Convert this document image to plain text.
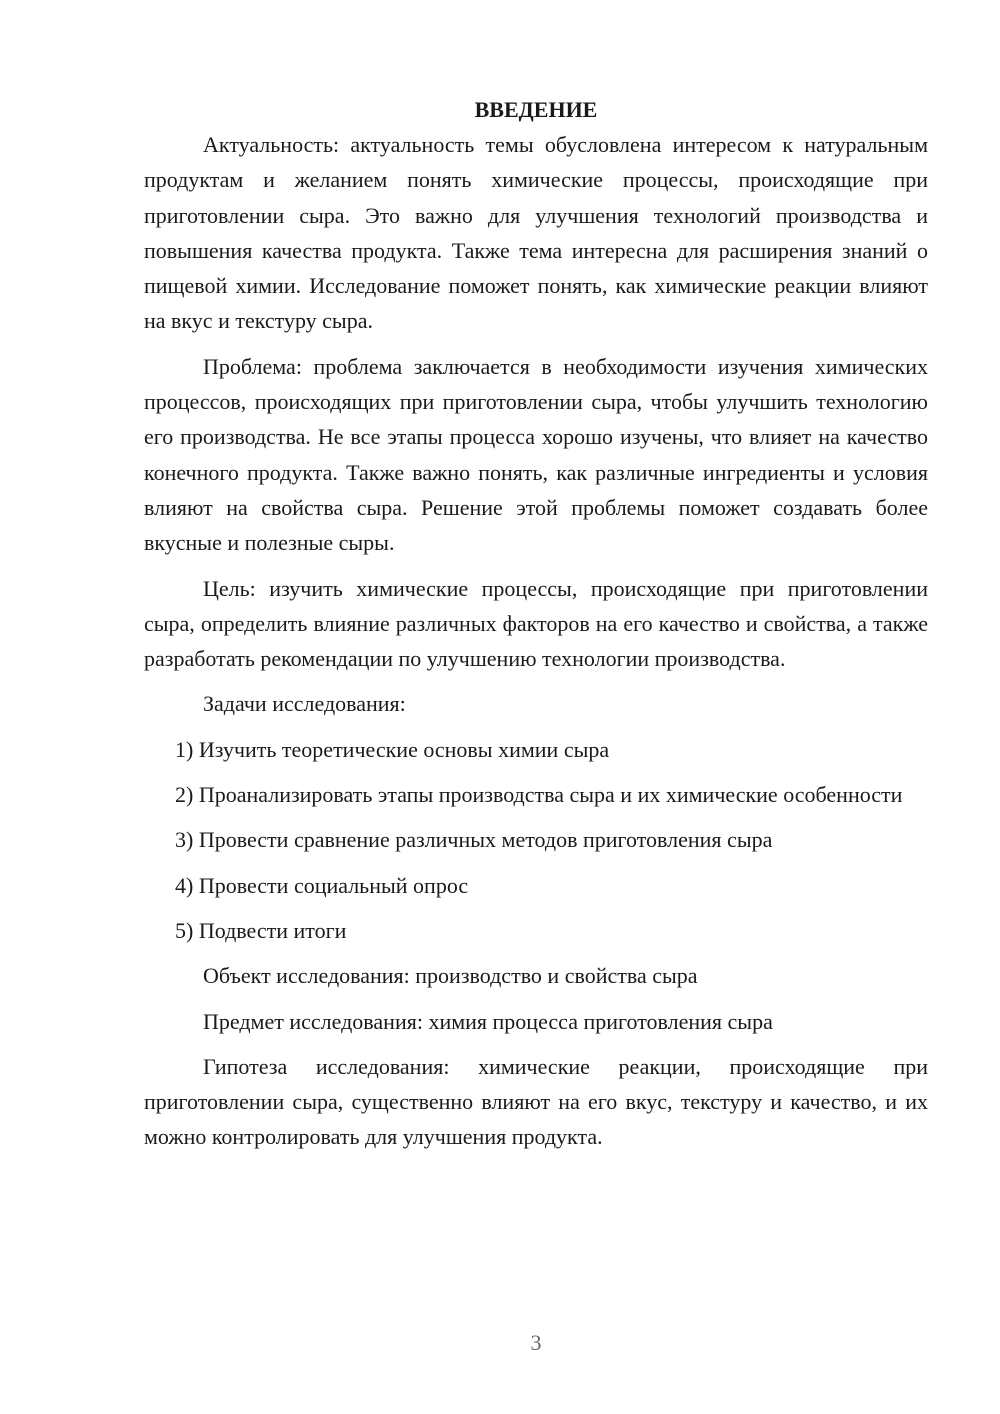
ВВЕДЕНИЕ

Актуальность: актуальность темы обусловлена интересом к натуральным продуктам и желанием понять химические процессы, происходящие при приготовлении сыра. Это важно для улучшения технологий производства и повышения качества продукта. Также тема интересна для расширения знаний о пищевой химии. Исследование поможет понять, как химические реакции влияют на вкус и текстуру сыра.

Проблема: проблема заключается в необходимости изучения химических процессов, происходящих при приготовлении сыра, чтобы улучшить технологию его производства. Не все этапы процесса хорошо изучены, что влияет на качество конечного продукта. Также важно понять, как различные ингредиенты и условия влияют на свойства сыра. Решение этой проблемы поможет создавать более вкусные и полезные сыры.

Цель: изучить химические процессы, происходящие при приготовлении сыра, определить влияние различных факторов на его качество и свойства, а также разработать рекомендации по улучшению технологии производства.

Задачи исследования:

1) Изучить теоретические основы химии сыра

2) Проанализировать этапы производства сыра и их химические особенности

3) Провести сравнение различных методов приготовления сыра

4) Провести социальный опрос

5) Подвести итоги

Объект исследования: производство и свойства сыра

Предмет исследования: химия процесса приготовления сыра

Гипотеза исследования: химические реакции, происходящие при приготовлении сыра, существенно влияют на его вкус, текстуру и качество, и их можно контролировать для улучшения продукта.

3
